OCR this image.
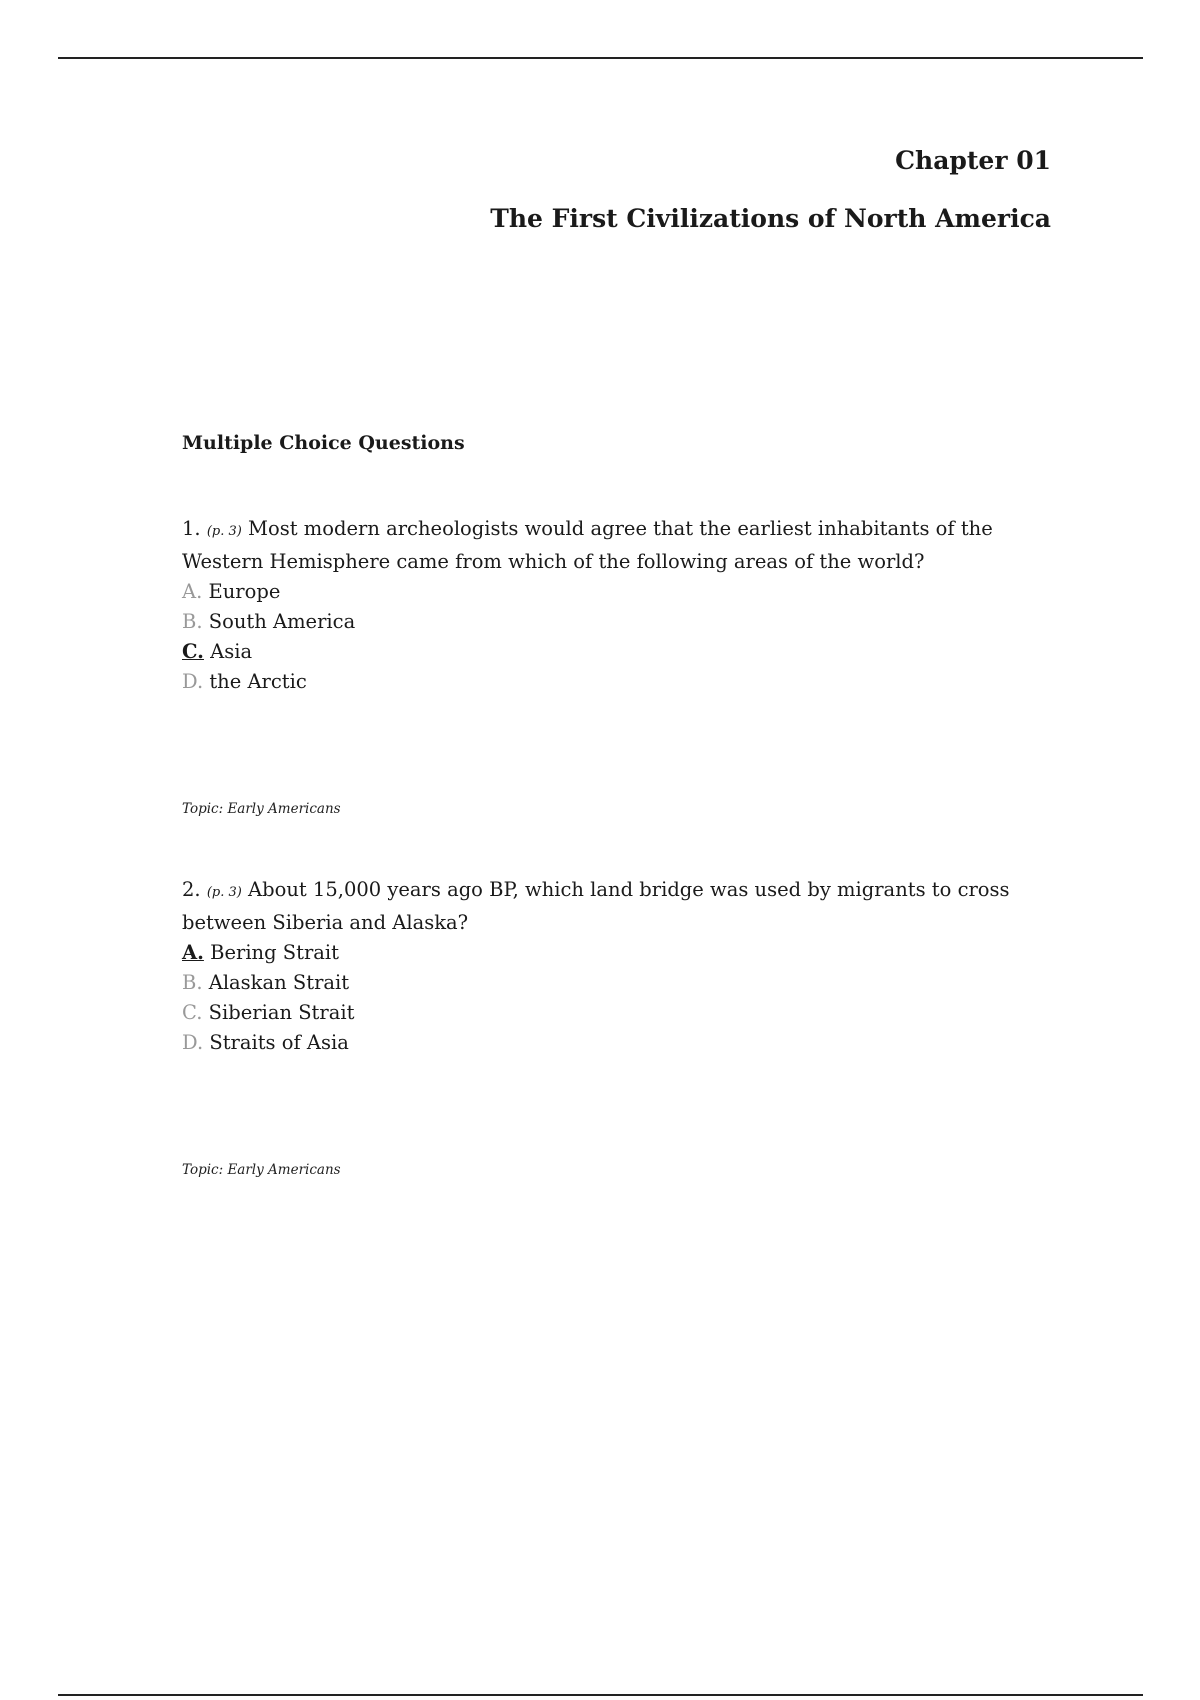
Chapter 01

The First Civilizations of North America

Multiple Choice Questions

1. (p. 3) Most modern archeologists would agree that the earliest inhabitants of the Western Hemisphere came from which of the following areas of the world?

A. Europe
B. South America
C. Asia
D. the Arctic

Topic: Early Americans

2. (p. 3) About 15,000 years ago BP, which land bridge was used by migrants to cross between Siberia and Alaska?

A. Bering Strait
B. Alaskan Strait
C. Siberian Strait
D. Straits of Asia

Topic: Early Americans
